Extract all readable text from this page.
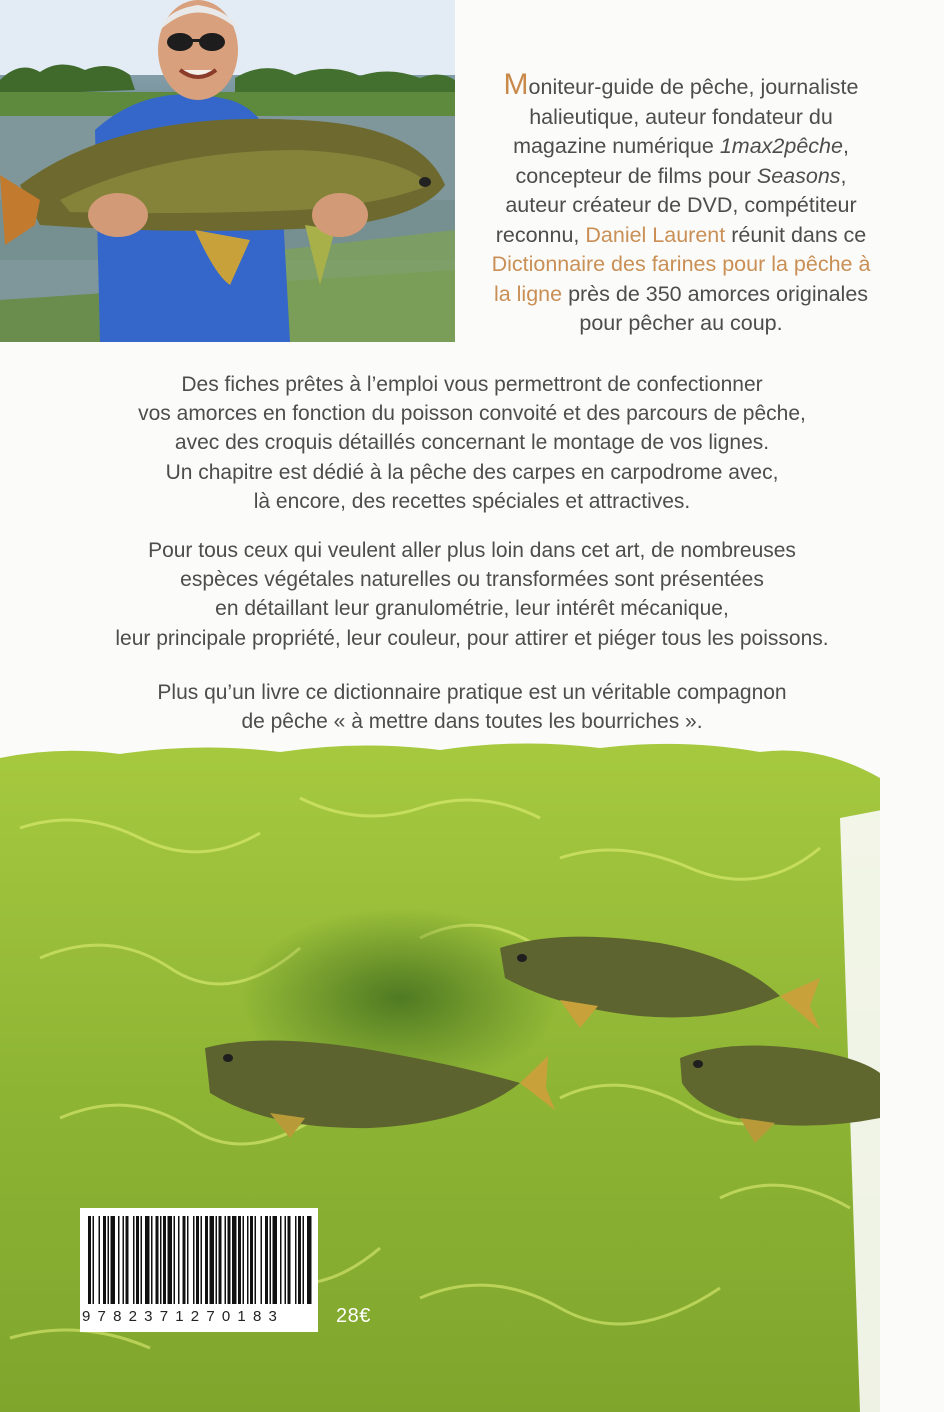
Moniteur-guide de pêche, journaliste
halieutique, auteur fondateur du
magazine numérique 1max2pêche,
concepteur de films pour Seasons,
auteur créateur de DVD, compétiteur
reconnu, Daniel Laurent réunit dans ce
Dictionnaire des farines pour la pêche à
la ligne près de 350 amorces originales
pour pêcher au coup.
Des fiches prêtes à l’emploi vous permettront de confectionner
vos amorces en fonction du poisson convoité et des parcours de pêche,
avec des croquis détaillés concernant le montage de vos lignes.
Un chapitre est dédié à la pêche des carpes en carpodrome avec,
là encore, des recettes spéciales et attractives.
Pour tous ceux qui veulent aller plus loin dans cet art, de nombreuses
espèces végétales naturelles ou transformées sont présentées
en détaillant leur granulométrie, leur intérêt mécanique,
leur principale propriété, leur couleur, pour attirer et piéger tous les poissons.
Plus qu’un livre ce dictionnaire pratique est un véritable compagnon
de pêche « à mettre dans toutes les bourriches ».
9782371270183	28€
